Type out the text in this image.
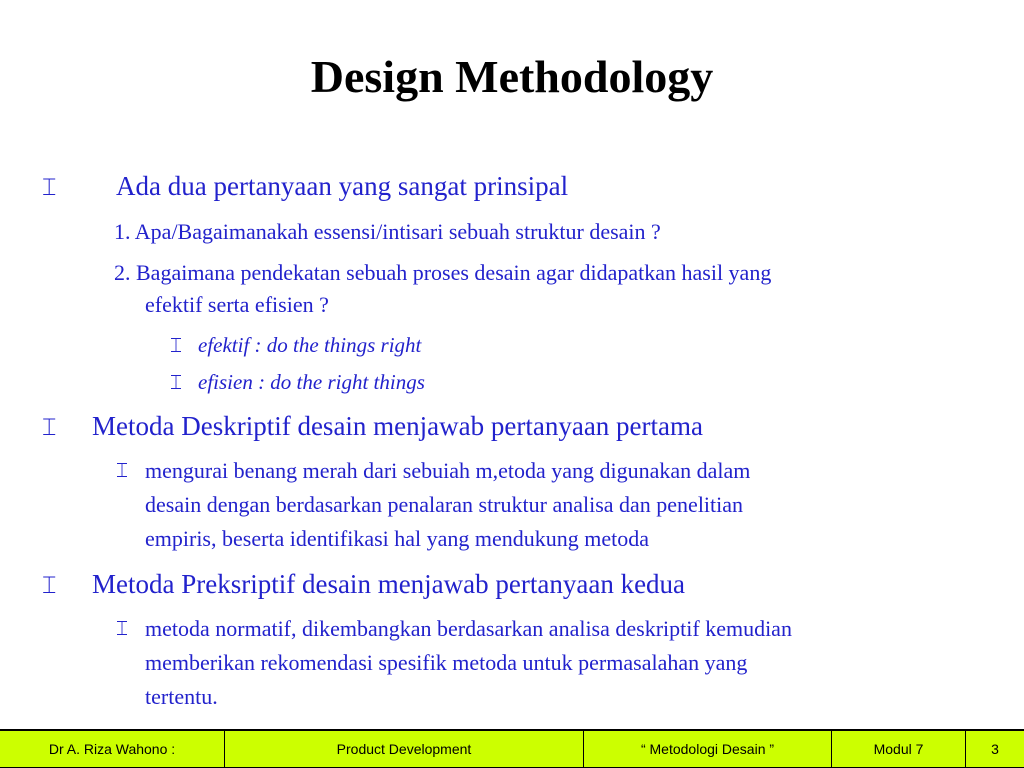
Design Methodology
⌶ Ada dua pertanyaan yang sangat prinsipal
1. Apa/Bagaimanakah essensi/intisari sebuah struktur desain ?
2. Bagaimana pendekatan sebuah proses desain agar didapatkan hasil yang
efektif serta efisien ?
⌶ efektif : do the things right
⌶ efisien : do the right things
⌶ Metoda Deskriptif desain menjawab pertanyaan pertama
⌶ mengurai benang merah dari sebuiah m,etoda yang digunakan dalam
desain dengan berdasarkan penalaran struktur analisa dan penelitian
empiris, beserta identifikasi hal yang mendukung metoda
⌶ Metoda Preksriptif desain menjawab pertanyaan kedua
⌶ metoda normatif, dikembangkan berdasarkan analisa deskriptif kemudian
memberikan rekomendasi spesifik metoda untuk permasalahan yang
tertentu.
Dr A. Riza Wahono :	Product Development	“ Metodologi Desain ”	Modul 7	3
